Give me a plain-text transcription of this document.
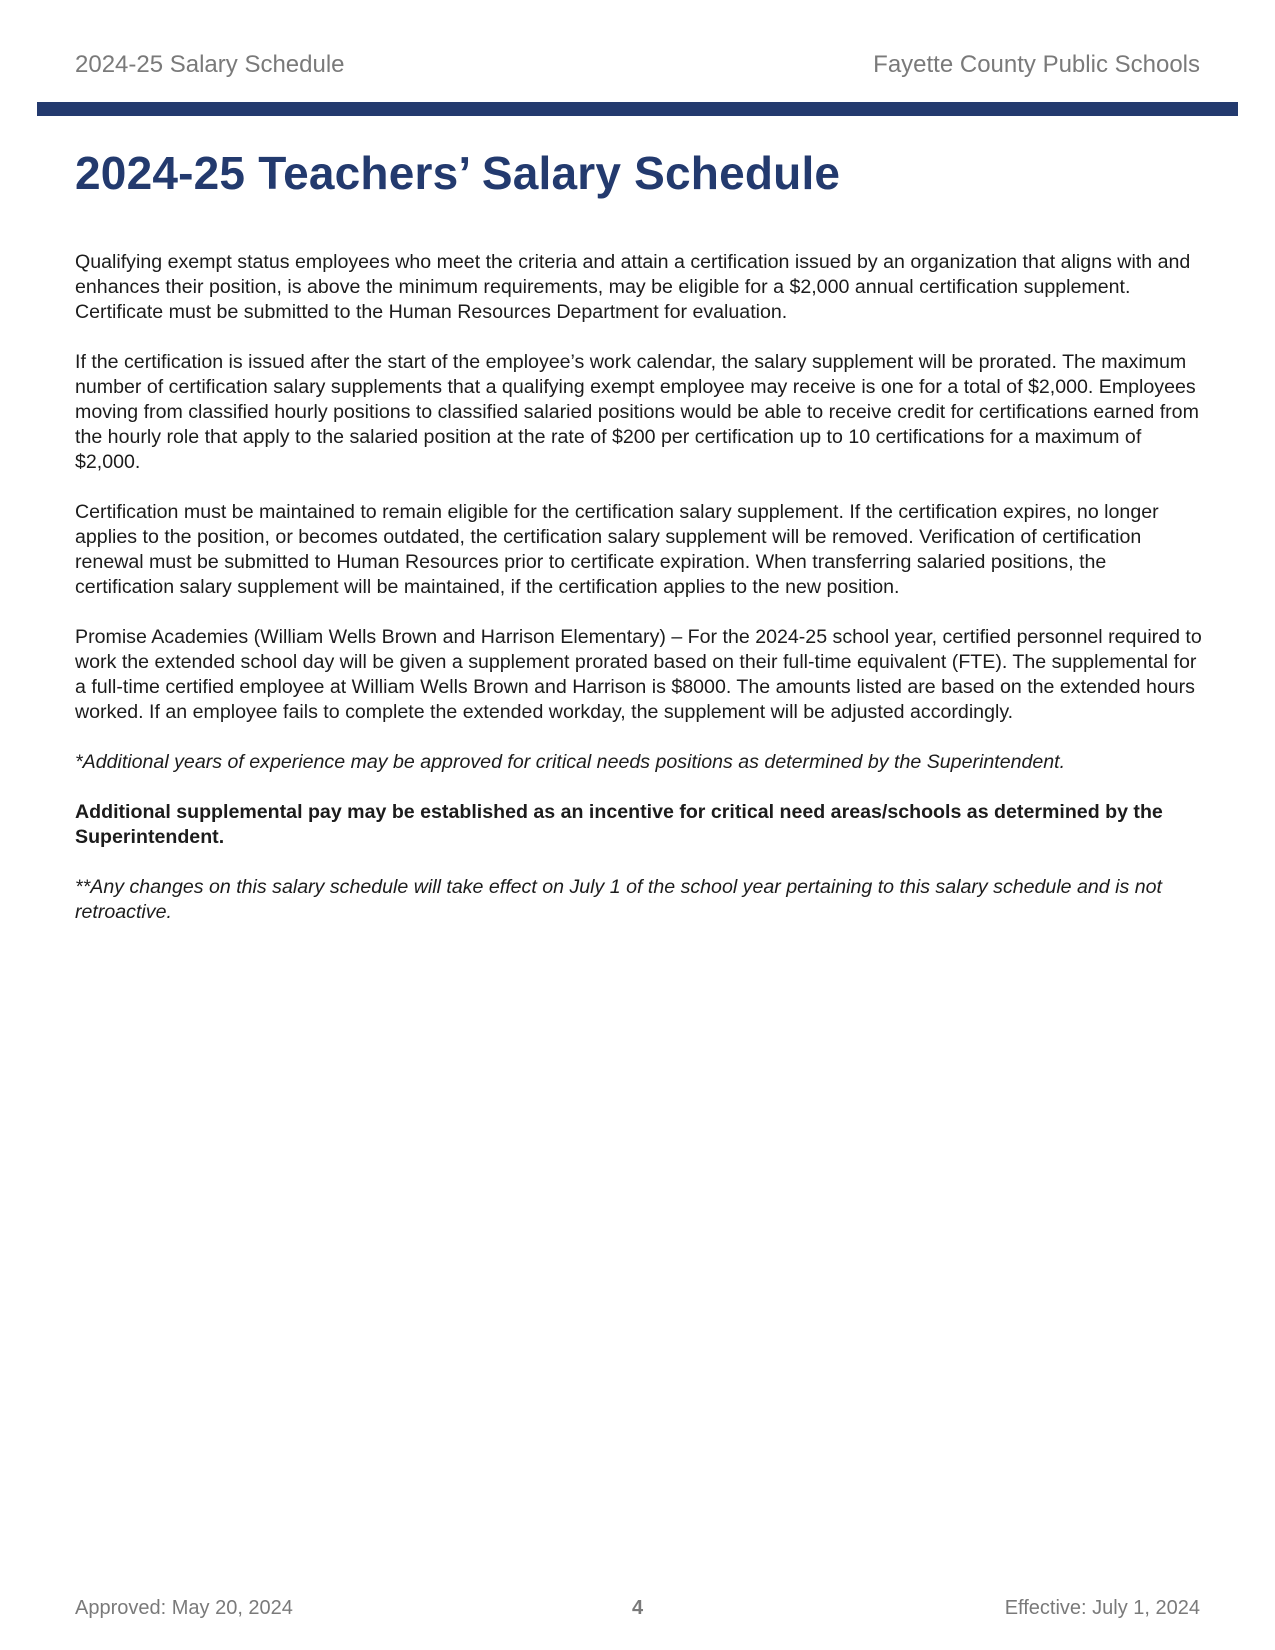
2024-25 Salary Schedule	Fayette County Public Schools
2024-25 Teachers’ Salary Schedule

Qualifying exempt status employees who meet the criteria and attain a certification issued by an organization that aligns with and enhances their position, is above the minimum requirements, may be eligible for a $2,000 annual certification supplement. Certificate must be submitted to the Human Resources Department for evaluation.

If the certification is issued after the start of the employee’s work calendar, the salary supplement will be prorated. The maximum number of certification salary supplements that a qualifying exempt employee may receive is one for a total of $2,000. Employees moving from classified hourly positions to classified salaried positions would be able to receive credit for certifications earned from the hourly role that apply to the salaried position at the rate of $200 per certification up to 10 certifications for a maximum of $2,000.

Certification must be maintained to remain eligible for the certification salary supplement. If the certification expires, no longer applies to the position, or becomes outdated, the certification salary supplement will be removed. Verification of certification renewal must be submitted to Human Resources prior to certificate expiration. When transferring salaried positions, the certification salary supplement will be maintained, if the certification applies to the new position.

Promise Academies (William Wells Brown and Harrison Elementary) – For the 2024-25 school year, certified personnel required to work the extended school day will be given a supplement prorated based on their full-time equivalent (FTE). The supplemental for a full-time certified employee at William Wells Brown and Harrison is $8000. The amounts listed are based on the extended hours worked. If an employee fails to complete the extended workday, the supplement will be adjusted accordingly.

*Additional years of experience may be approved for critical needs positions as determined by the Superintendent.

Additional supplemental pay may be established as an incentive for critical need areas/schools as determined by the Superintendent.

**Any changes on this salary schedule will take effect on July 1 of the school year pertaining to this salary schedule and is not retroactive.

Approved: May 20, 2024	4	Effective: July 1, 2024
